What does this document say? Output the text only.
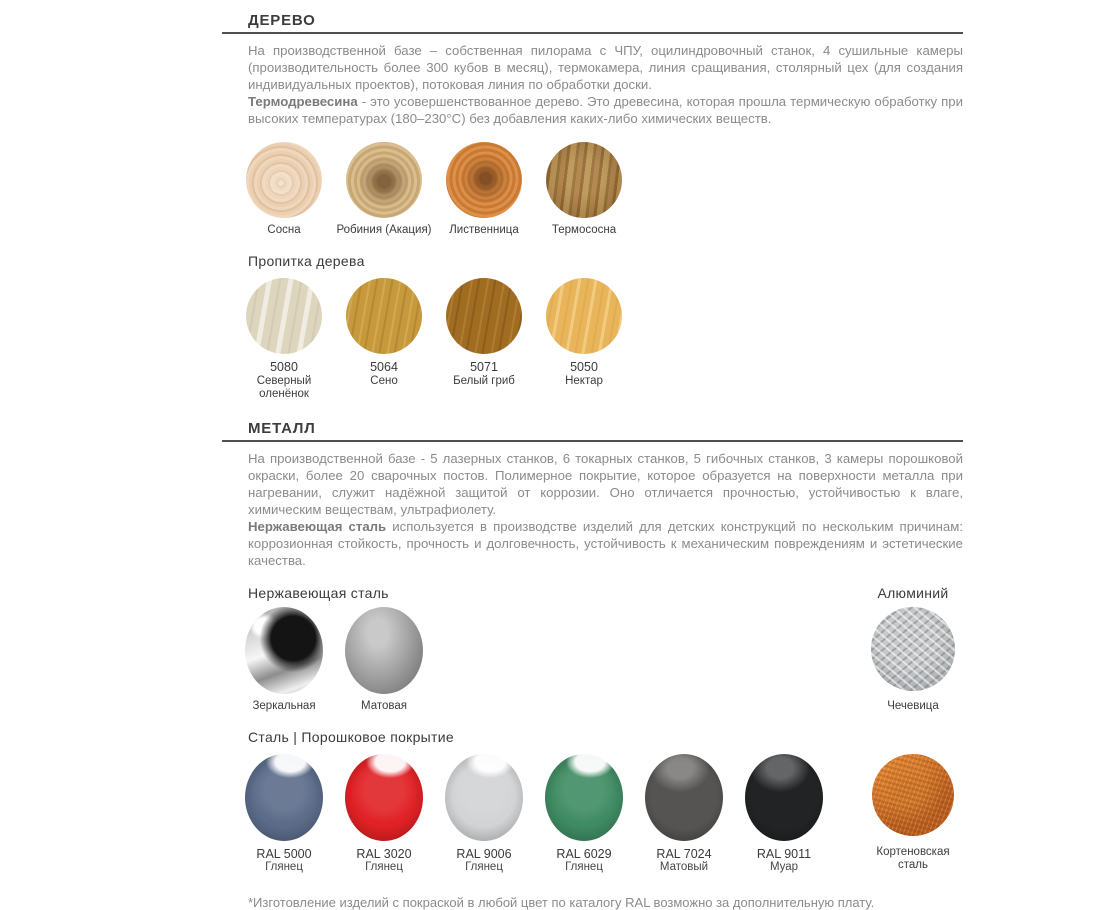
ДЕРЕВО

На производственной базе – собственная пилорама с ЧПУ, оцилиндровочный станок, 4 сушильные камеры (производительность более 300 кубов в месяц), термокамера, линия сращивания, столярный цех (для создания индивидуальных проектов), потоковая линия по обработки доски.

Термодревесина - это усовершенствованное дерево. Это древесина, которая прошла термическую обработку при высоких температурах (180–230°С) без добавления каких-либо химических веществ.

Сосна	Робиния (Акация)	Лиственница	Термососна
Пропитка дерева
5080
Северный оленёнок
5064
Сено
5071
Белый гриб
5050
Нектар
МЕТАЛЛ

На производственной базе - 5 лазерных станков, 6 токарных станков, 5 гибочных станков, 3 камеры порошковой окраски, более 20 сварочных постов. Полимерное покрытие, которое образуется на поверхности металла при нагревании, служит надёжной защитой от коррозии. Оно отличается прочностью, устойчивостью к влаге, химическим веществам, ультрафиолету.

Нержавеющая сталь используется в производстве изделий для детских конструкций по нескольким причинам: коррозионная стойкость, прочность и долговечность, устойчивость к механическим повреждениям и эстетические качества.

Нержавеющая сталь
Зеркальная	Матовая
Алюминий
Чечевица
Сталь | Порошковое покрытие
RAL 5000
Глянец
RAL 3020
Глянец
RAL 9006
Глянец
RAL 6029
Глянец
RAL 7024
Матовый
RAL 9011
Муар
Кортеновская сталь
*Изготовление изделий с покраской в любой цвет по каталогу RAL возможно за дополнительную плату.
